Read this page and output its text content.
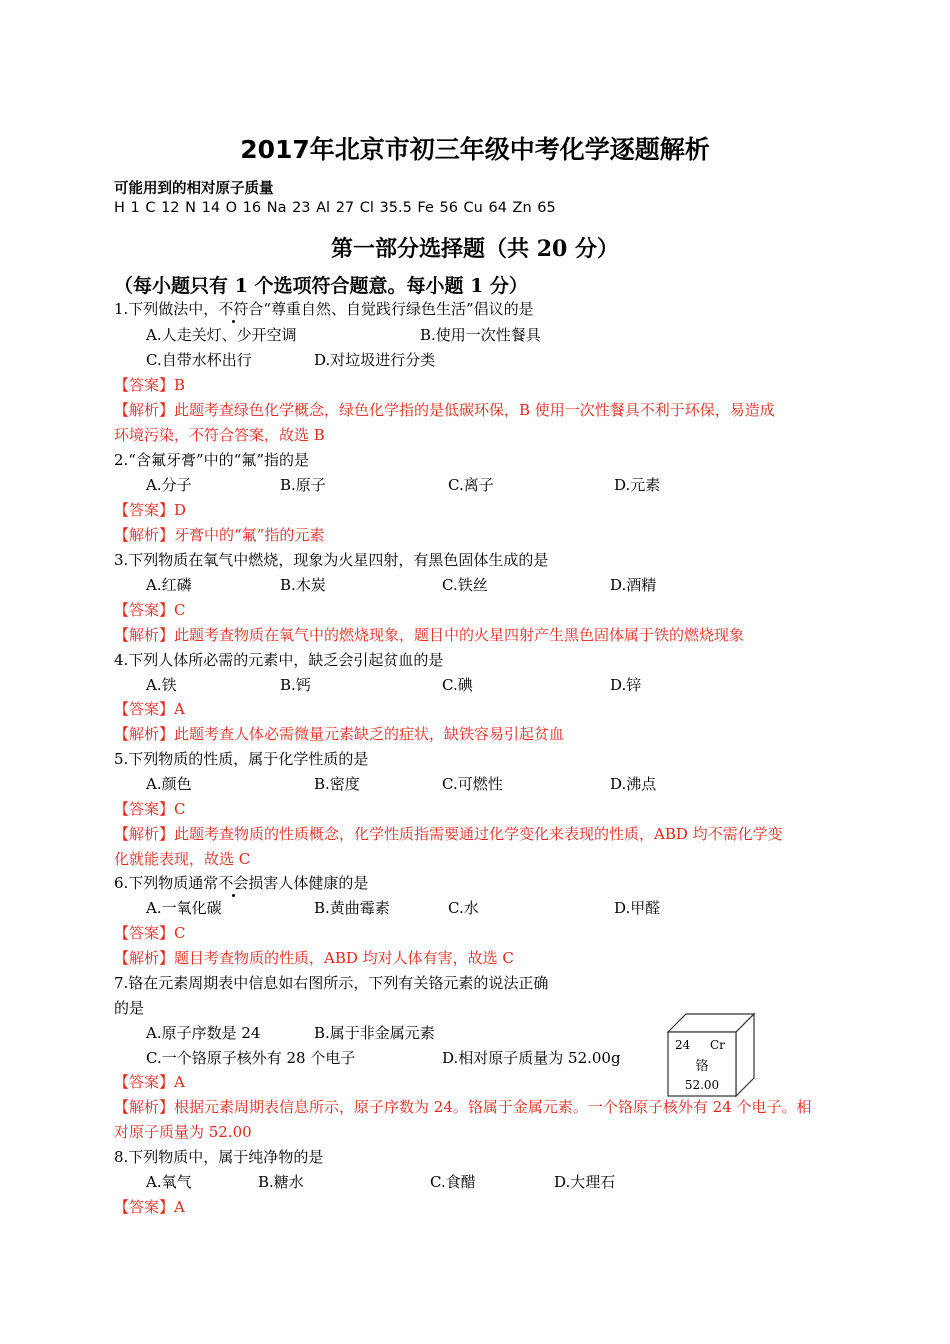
2017年北京市初三年级中考化学逐题解析
可能用到的相对原子质量
H 1 C 12 N 14 O 16 Na 23 Al 27 Cl 35.5 Fe 56 Cu 64 Zn 65
第一部分选择题（共 20 分）
（每小题只有 1 个选项符合题意。每小题 1 分）
1.下列做法中，不符合“尊重自然、自觉践行绿色生活”倡议的是
A.人走关灯、少开空调	B.使用一次性餐具
C.自带水杯出行	D.对垃圾进行分类
【答案】B
【解析】此题考查绿色化学概念，绿色化学指的是低碳环保，B 使用一次性餐具不利于环保，易造成
环境污染，不符合答案，故选 B
2.“含氟牙膏”中的“氟”指的是
A.分子	B.原子	C.离子	D.元素
【答案】D
【解析】牙膏中的“氟”指的元素
3.下列物质在氧气中燃烧，现象为火星四射，有黑色固体生成的是
A.红磷	B.木炭	C.铁丝	D.酒精
【答案】C
【解析】此题考查物质在氧气中的燃烧现象，题目中的火星四射产生黑色固体属于铁的燃烧现象
4.下列人体所必需的元素中，缺乏会引起贫血的是
A.铁	B.钙	C.碘	D.锌
【答案】A
【解析】此题考查人体必需微量元素缺乏的症状，缺铁容易引起贫血
5.下列物质的性质，属于化学性质的是
A.颜色	B.密度	C.可燃性	D.沸点
【答案】C
【解析】此题考查物质的性质概念，化学性质指需要通过化学变化来表现的性质，ABD 均不需化学变
化就能表现，故选 C
6.下列物质通常不会损害人体健康的是
A.一氧化碳	B.黄曲霉素	C.水	D.甲醛
【答案】C
【解析】题目考查物质的性质，ABD 均对人体有害，故选 C
7.铬在元素周期表中信息如右图所示，下列有关铬元素的说法正确
的是
A.原子序数是 24	B.属于非金属元素
C.一个铬原子核外有 28 个电子	D.相对原子质量为 52.00g
【答案】A
【解析】根据元素周期表信息所示，原子序数为 24。铬属于金属元素。一个铬原子核外有 24 个电子。相
对原子质量为 52.00
24 Cr
铬
52.00
8.下列物质中，属于纯净物的是
A.氧气	B.糖水	C.食醋	D.大理石
【答案】A
